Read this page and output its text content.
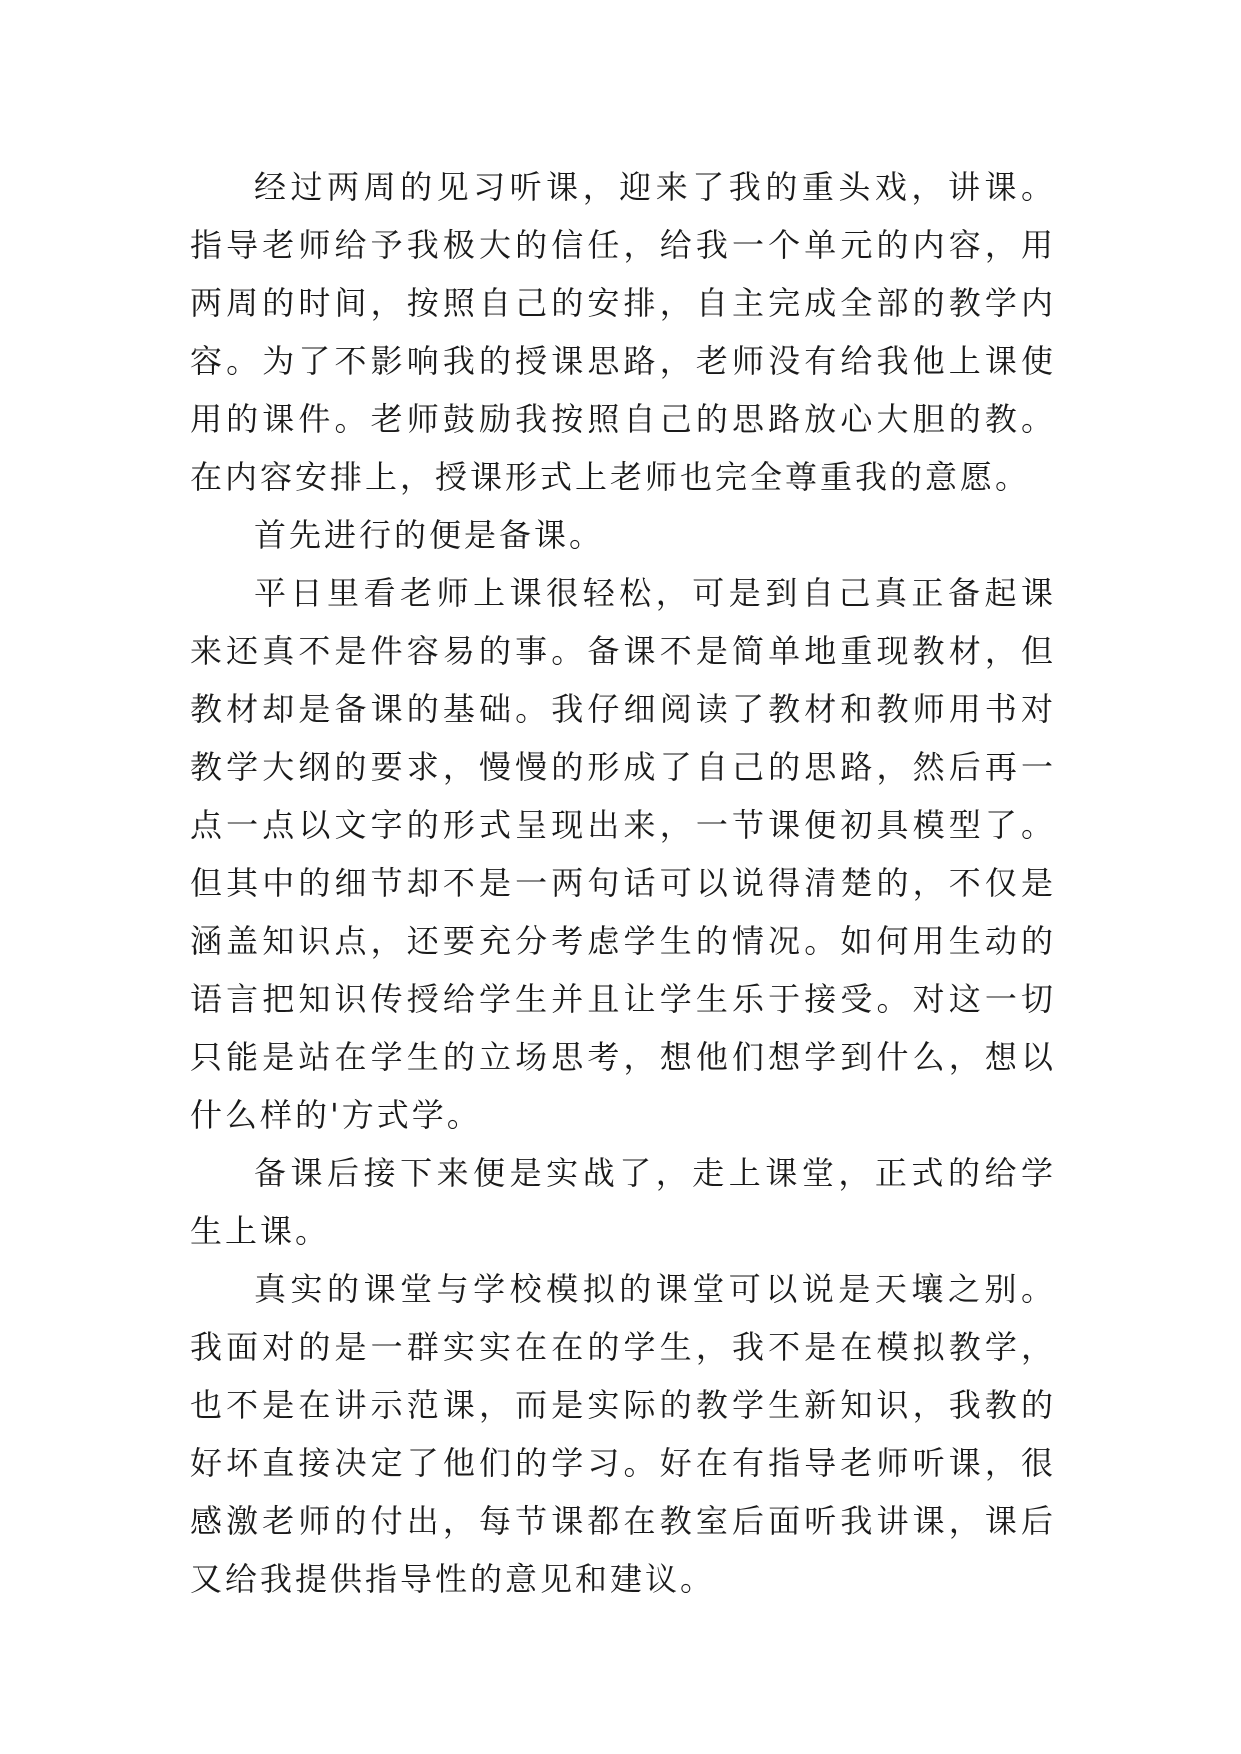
经过两周的见习听课，迎来了我的重头戏，讲课。指导老师给予我极大的信任，给我一个单元的内容，用两周的时间，按照自己的安排，自主完成全部的教学内容。为了不影响我的授课思路，老师没有给我他上课使用的课件。老师鼓励我按照自己的思路放心大胆的教。在内容安排上，授课形式上老师也完全尊重我的意愿。

首先进行的便是备课。

平日里看老师上课很轻松，可是到自己真正备起课来还真不是件容易的事。备课不是简单地重现教材，但教材却是备课的基础。我仔细阅读了教材和教师用书对教学大纲的要求，慢慢的形成了自己的思路，然后再一点一点以文字的形式呈现出来，一节课便初具模型了。但其中的细节却不是一两句话可以说得清楚的，不仅是涵盖知识点，还要充分考虑学生的情况。如何用生动的语言把知识传授给学生并且让学生乐于接受。对这一切只能是站在学生的立场思考，想他们想学到什么，想以什么样的'方式学。

备课后接下来便是实战了，走上课堂，正式的给学生上课。

真实的课堂与学校模拟的课堂可以说是天壤之别。我面对的是一群实实在在的学生，我不是在模拟教学，也不是在讲示范课，而是实际的教学生新知识，我教的好坏直接决定了他们的学习。好在有指导老师听课，很感激老师的付出，每节课都在教室后面听我讲课，课后又给我提供指导性的意见和建议。
